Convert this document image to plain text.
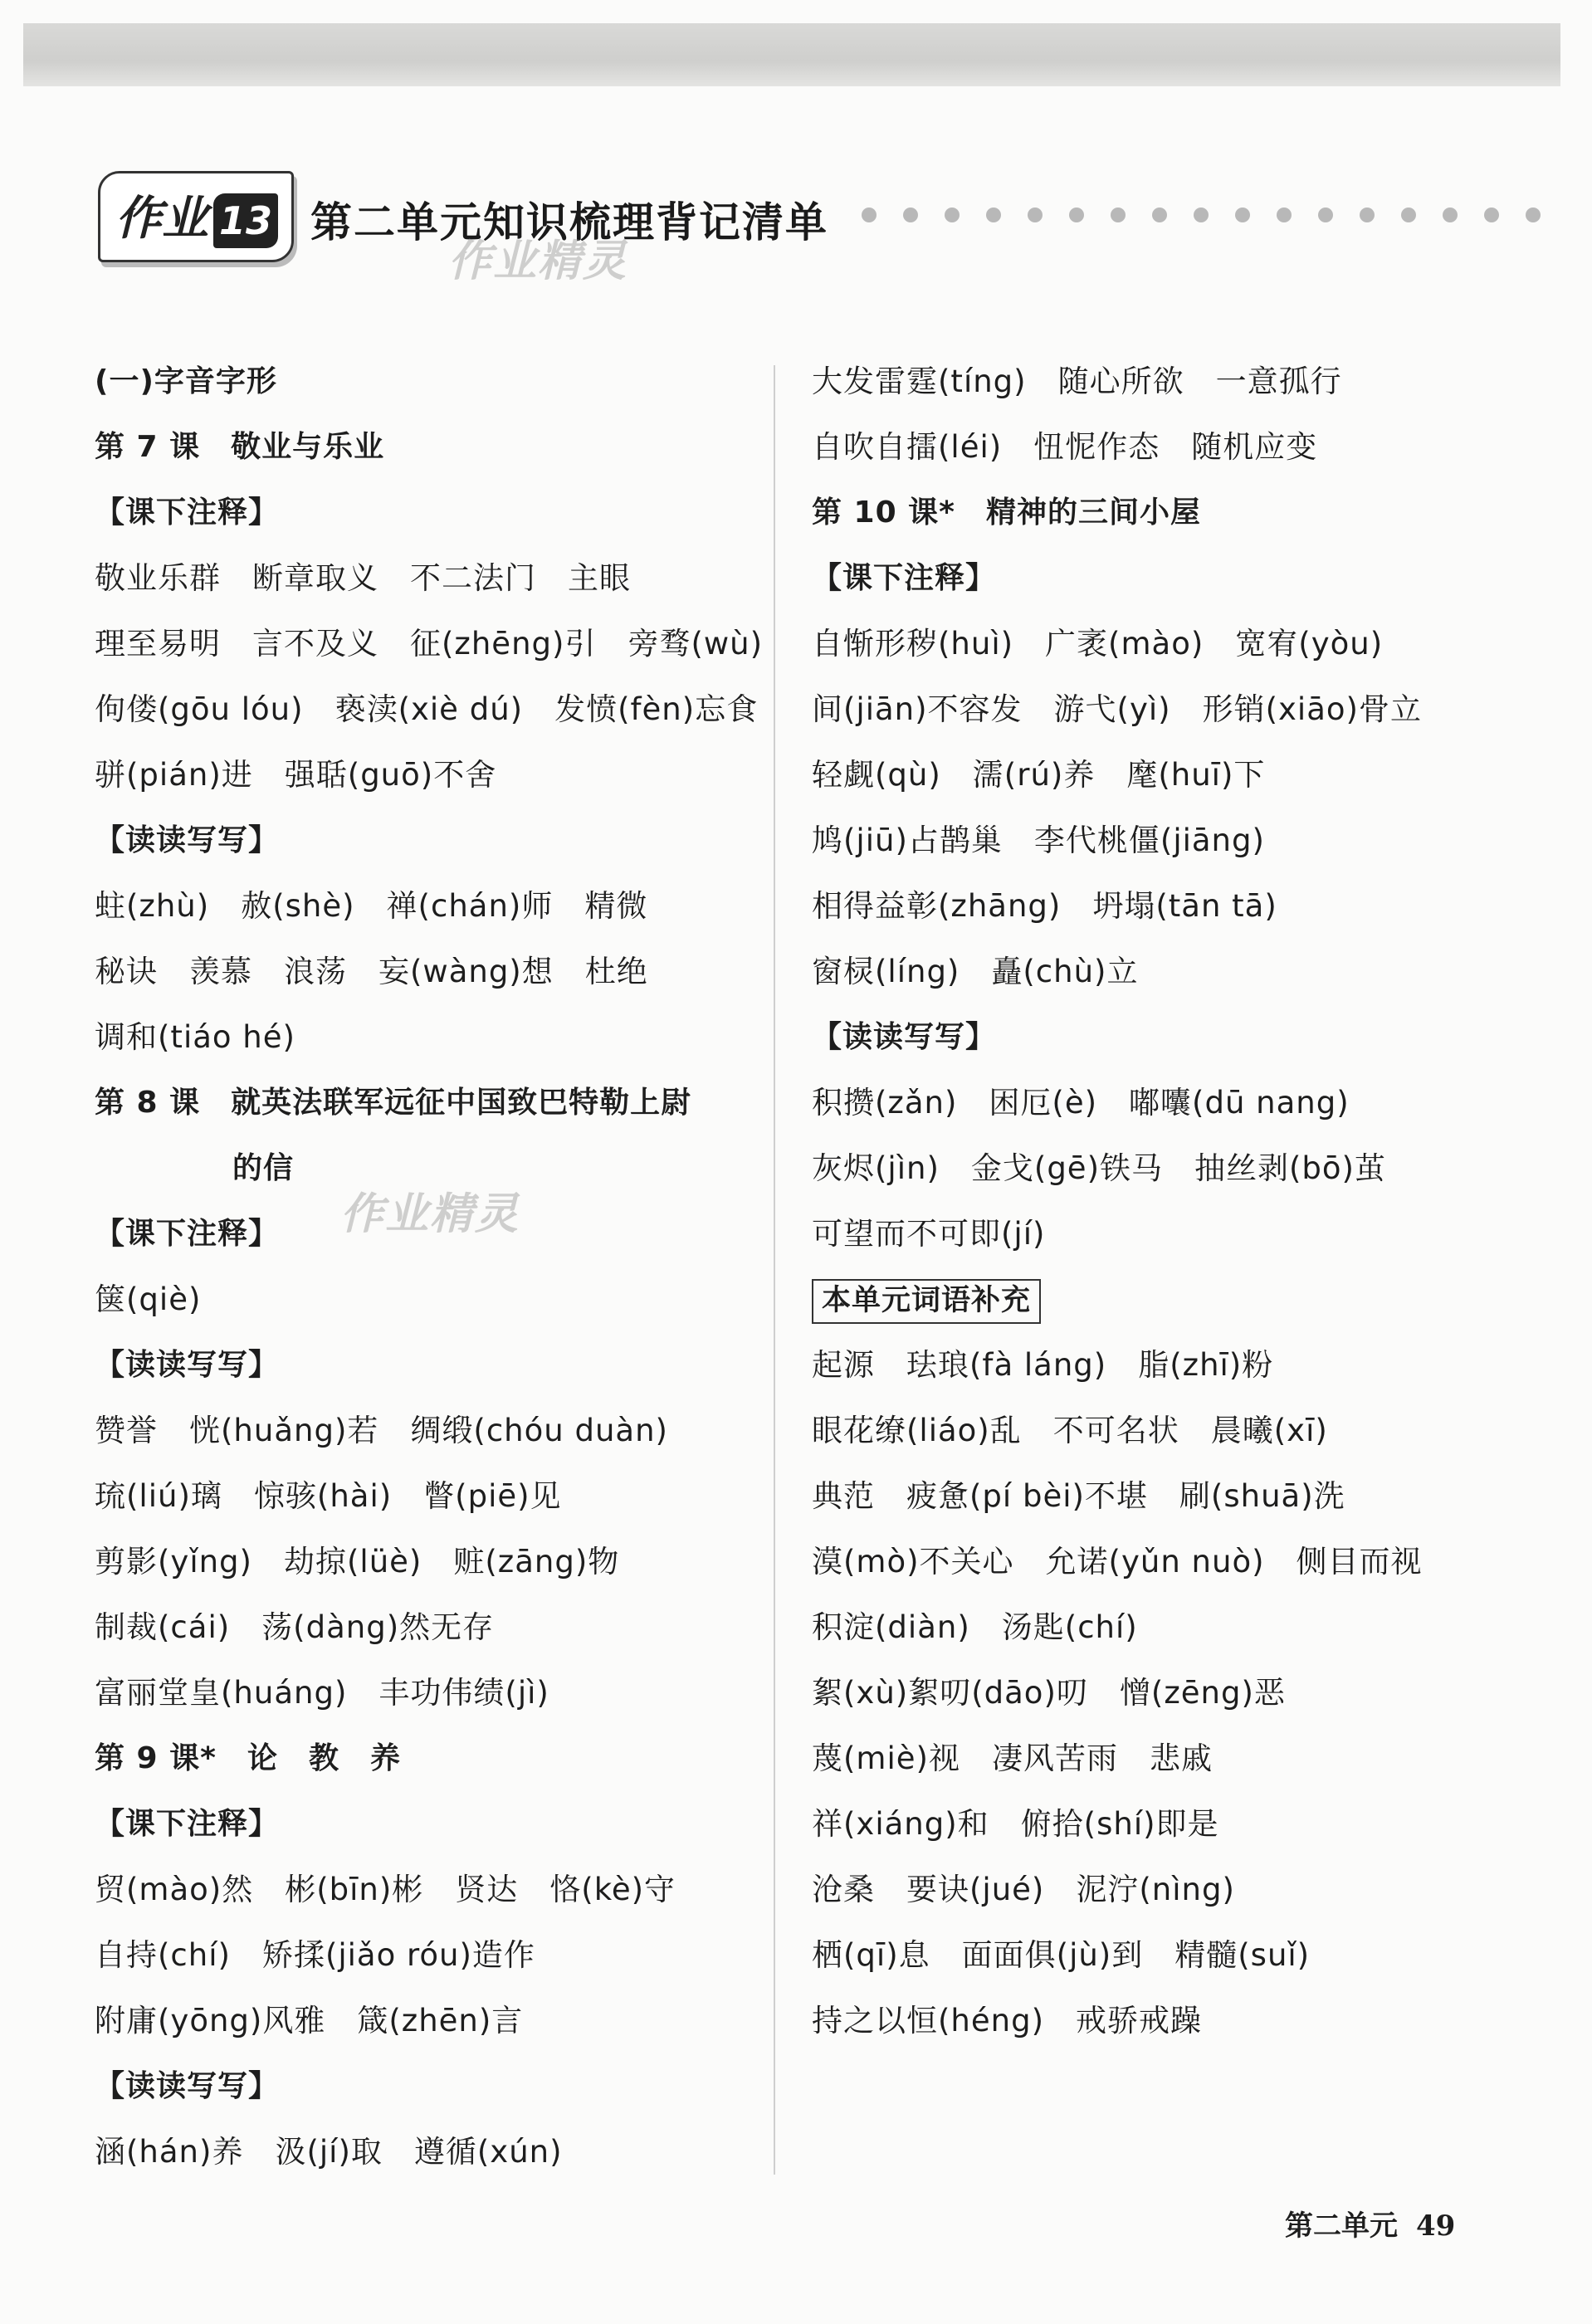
作业 13 第二单元知识梳理背记清单
作业精灵
作业精灵
(一)字音字形
第 7 课　敬业与乐业
【课下注释】
敬业乐群　断章取义　不二法门　主眼
理至易明　言不及义　征(zhēng)引　旁骛(wù)
佝偻(gōu lóu)　亵渎(xiè dú)　发愤(fèn)忘食
骈(pián)进　强聒(guō)不舍
【读读写写】
蛀(zhù)　赦(shè)　禅(chán)师　精微
秘诀　羡慕　浪荡　妄(wàng)想　杜绝
调和(tiáo hé)
第 8 课　就英法联军远征中国致巴特勒上尉
的信
【课下注释】
箧(qiè)
【读读写写】
赞誉　恍(huǎng)若　绸缎(chóu duàn)
琉(liú)璃　惊骇(hài)　瞥(piē)见
剪影(yǐng)　劫掠(lüè)　赃(zāng)物
制裁(cái)　荡(dàng)然无存
富丽堂皇(huáng)　丰功伟绩(jì)
第 9 课*　论　教　养
【课下注释】
贸(mào)然　彬(bīn)彬　贤达　恪(kè)守
自持(chí)　矫揉(jiǎo róu)造作
附庸(yōng)风雅　箴(zhēn)言
【读读写写】
涵(hán)养　汲(jí)取　遵循(xún)
大发雷霆(tíng)　随心所欲　一意孤行
自吹自擂(léi)　忸怩作态　随机应变
第 10 课*　精神的三间小屋
【课下注释】
自惭形秽(huì)　广袤(mào)　宽宥(yòu)
间(jiān)不容发　游弋(yì)　形销(xiāo)骨立
轻觑(qù)　濡(rú)养　麾(huī)下
鸠(jiū)占鹊巢　李代桃僵(jiāng)
相得益彰(zhāng)　坍塌(tān tā)
窗棂(líng)　矗(chù)立
【读读写写】
积攒(zǎn)　困厄(è)　嘟囔(dū nang)
灰烬(jìn)　金戈(gē)铁马　抽丝剥(bō)茧
可望而不可即(jí)
本单元词语补充
起源　珐琅(fà láng)　脂(zhī)粉
眼花缭(liáo)乱　不可名状　晨曦(xī)
典范　疲惫(pí bèi)不堪　刷(shuā)洗
漠(mò)不关心　允诺(yǔn nuò)　侧目而视
积淀(diàn)　汤匙(chí)
絮(xù)絮叨(dāo)叨　憎(zēng)恶
蔑(miè)视　凄风苦雨　悲戚
祥(xiáng)和　俯拾(shí)即是
沧桑　要诀(jué)　泥泞(nìng)
栖(qī)息　面面俱(jù)到　精髓(suǐ)
持之以恒(héng)　戒骄戒躁
第二单元 49
